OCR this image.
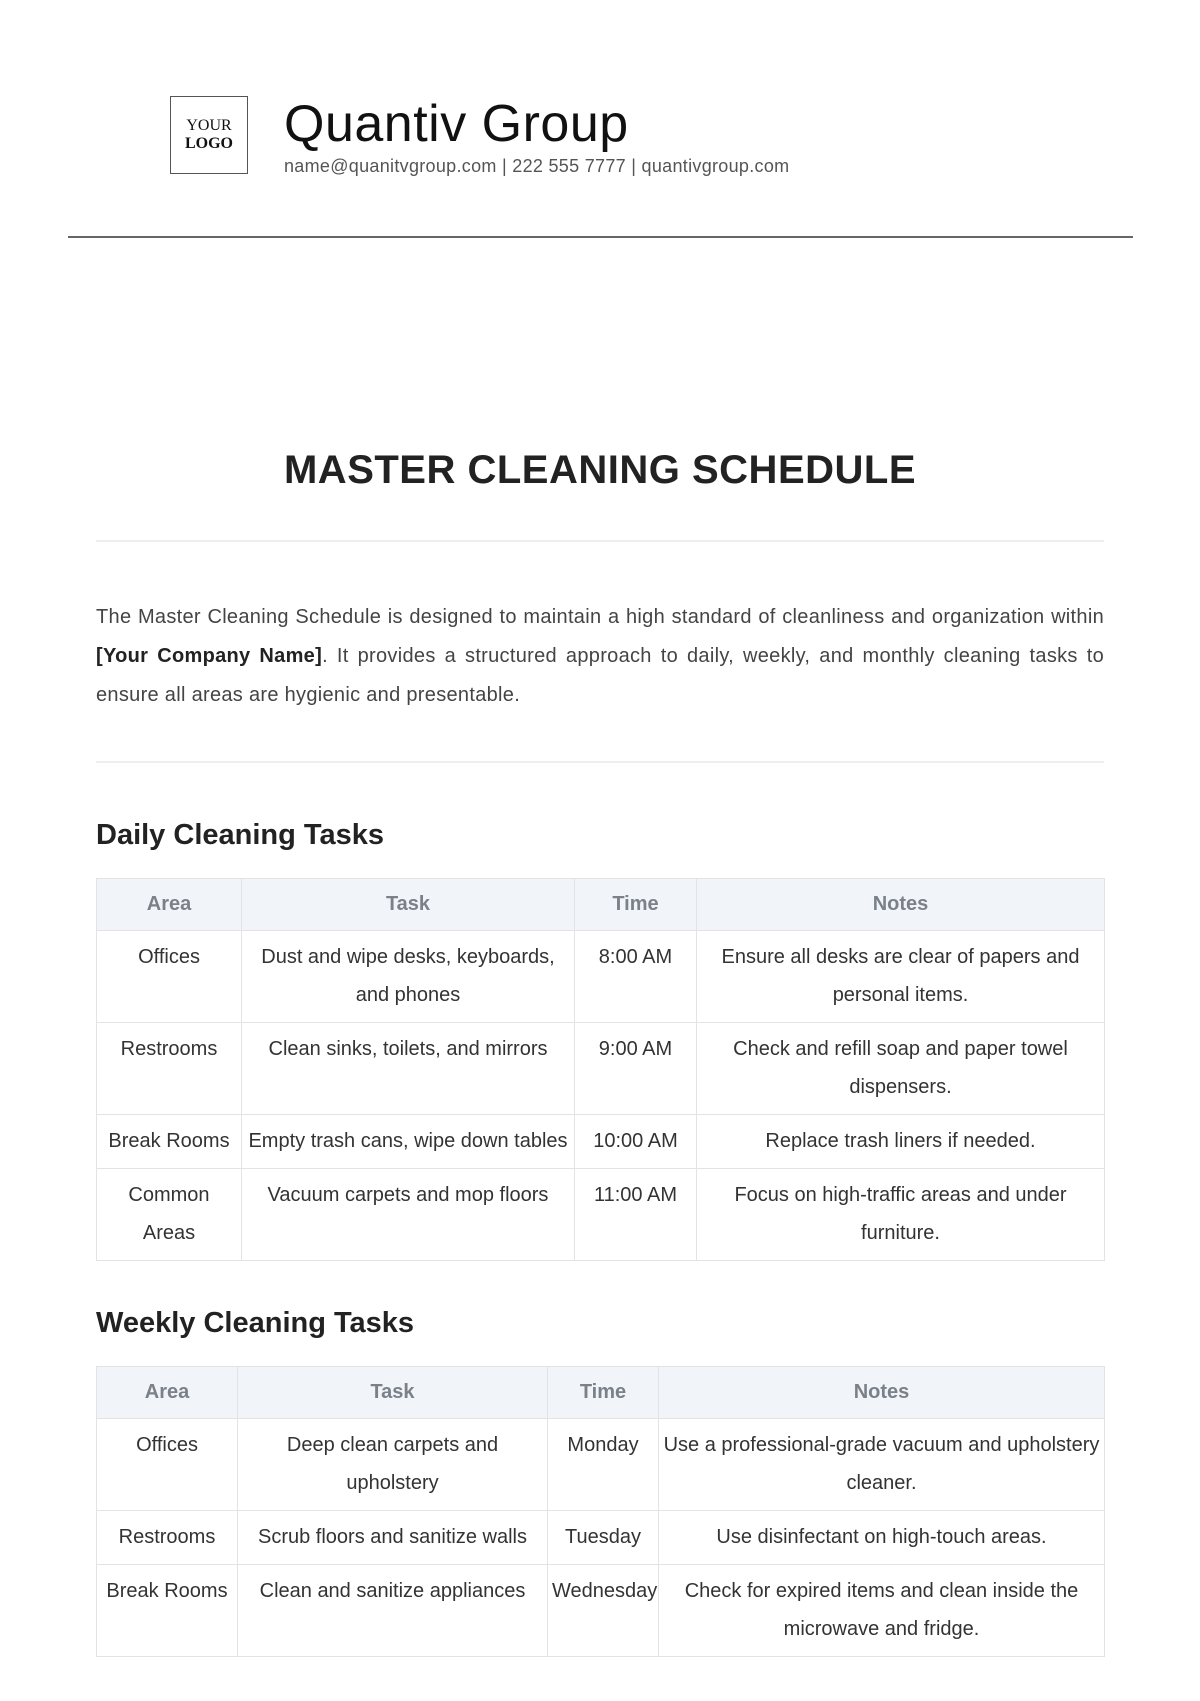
YOUR
LOGO Quantiv Group
name@quanitvgroup.com | 222 555 7777 | quantivgroup.com
MASTER CLEANING SCHEDULE

The Master Cleaning Schedule is designed to maintain a high standard of cleanliness and organization within [Your Company Name]. It provides a structured approach to daily, weekly, and monthly cleaning tasks to ensure all areas are hygienic and presentable.

Daily Cleaning Tasks
Area	Task	Time	Notes
Offices	Dust and wipe desks, keyboards, and phones	8:00 AM	Ensure all desks are clear of papers and personal items.
Restrooms	Clean sinks, toilets, and mirrors	9:00 AM	Check and refill soap and paper towel dispensers.
Break Rooms	Empty trash cans, wipe down tables	10:00 AM	Replace trash liners if needed.
Common Areas	Vacuum carpets and mop floors	11:00 AM	Focus on high-traffic areas and under furniture.
Weekly Cleaning Tasks
Area	Task	Time	Notes
Offices	Deep clean carpets and upholstery	Monday	Use a professional-grade vacuum and upholstery cleaner.
Restrooms	Scrub floors and sanitize walls	Tuesday	Use disinfectant on high-touch areas.
Break Rooms	Clean and sanitize appliances	Wednesday	Check for expired items and clean inside the microwave and fridge.
